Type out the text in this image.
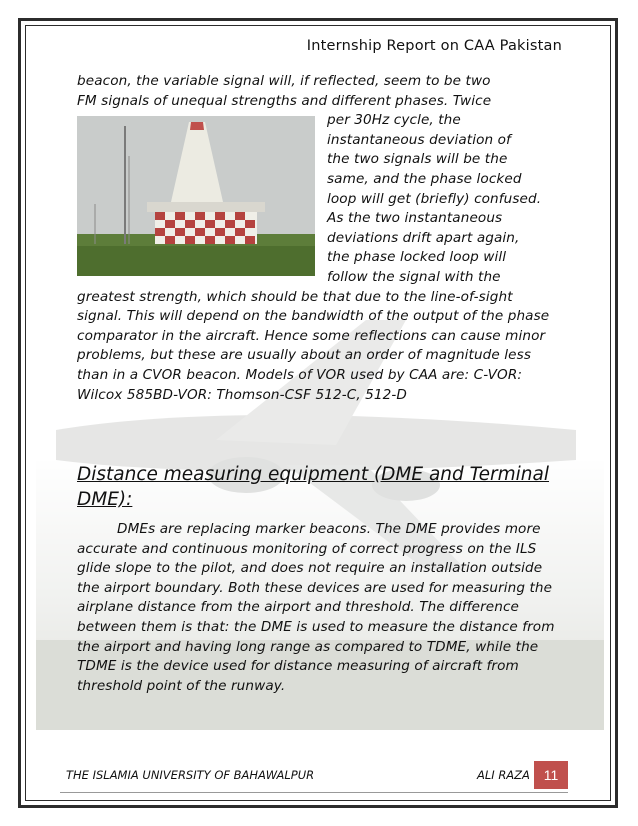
Internship Report on CAA Pakistan
beacon, the variable signal will, if reflected, seem to be two
FM signals of unequal strengths and different phases. Twice
per 30Hz cycle, the
instantaneous deviation of
the two signals will be the
same, and the phase locked
loop will get (briefly) confused.
As the two instantaneous
deviations drift apart again,
the phase locked loop will
follow the signal with the
greatest strength, which should be that due to the line-of-sight signal. This will depend on the bandwidth of the output of the phase comparator in the aircraft. Hence some reflections can cause minor problems, but these are usually about an order of magnitude less than in a CVOR beacon. Models of VOR used by CAA are: C-VOR: Wilcox 585BD-VOR: Thomson-CSF 512-C, 512-D
Distance measuring equipment (DME and Terminal DME):
DMEs are replacing marker beacons. The DME provides more accurate and continuous monitoring of correct progress on the ILS glide slope to the pilot, and does not require an installation outside the airport boundary. Both these devices are used for measuring the airplane distance from the airport and threshold. The difference between them is that: the DME is used to measure the distance from the airport and having long range as compared to TDME, while the TDME is the device used for distance measuring of aircraft from threshold point of the runway.
THE ISLAMIA UNIVERSITY OF BAHAWALPUR	ALI RAZA 11
